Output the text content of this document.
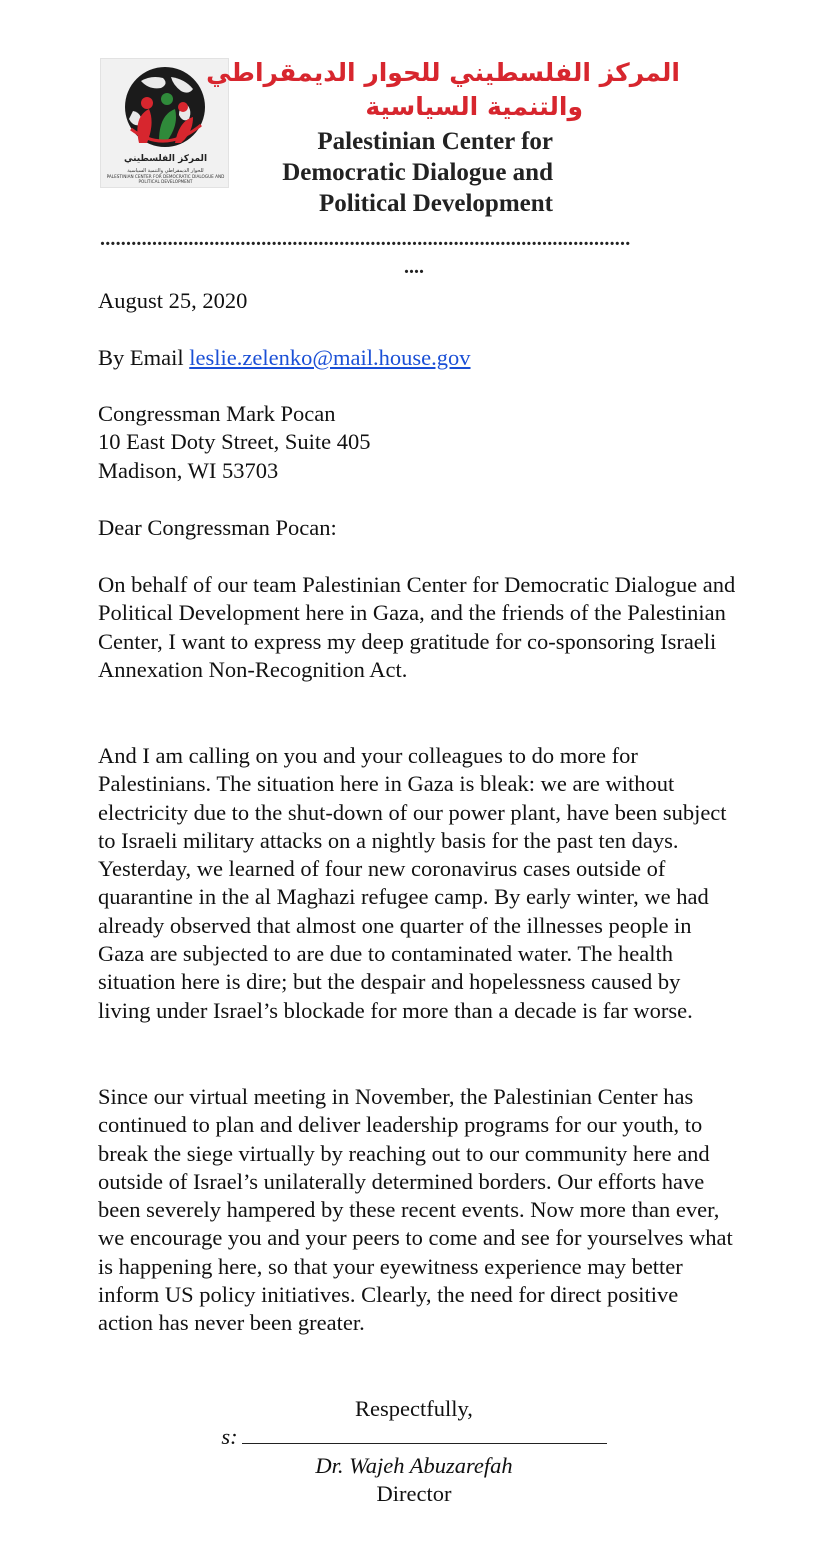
المركز الفلسطيني
للحوار الديمقراطي والتنمية السياسية
PALESTINIAN CENTER FOR DEMOCRATIC DIALOGUE AND POLITICAL DEVELOPMENT
المركز الفلسطيني للحوار الديمقراطي
والتنمية السياسية
Palestinian Center for
Democratic Dialogue and
Political Development
......................................................................................................
....
August 25, 2020
By Email leslie.zelenko@mail.house.gov
Congressman Mark Pocan
10 East Doty Street, Suite 405
Madison, WI 53703
Dear Congressman Pocan:
On behalf of our team Palestinian Center for Democratic Dialogue and Political Development here in Gaza, and the friends of the Palestinian Center, I want to express my deep gratitude for co-sponsoring Israeli Annexation Non-Recognition Act.
And I am calling on you and your colleagues to do more for Palestinians. The situation here in Gaza is bleak: we are without electricity due to the shut-down of our power plant, have been subject to Israeli military attacks on a nightly basis for the past ten days. Yesterday, we learned of four new coronavirus cases outside of quarantine in the al Maghazi refugee camp. By early winter, we had already observed that almost one quarter of the illnesses people in Gaza are subjected to are due to contaminated water. The health situation here is dire; but the despair and hopelessness caused by living under Israel’s blockade for more than a decade is far worse.
Since our virtual meeting in November, the Palestinian Center has continued to plan and deliver leadership programs for our youth, to break the siege virtually by reaching out to our community here and outside of Israel’s unilaterally determined borders. Our efforts have been severely hampered by these recent events. Now more than ever, we encourage you and your peers to come and see for yourselves what is happening here, so that your eyewitness experience may better inform US policy initiatives. Clearly, the need for direct positive action has never been greater.
Respectfully,
s:
Dr. Wajeh Abuzarefah
Director
